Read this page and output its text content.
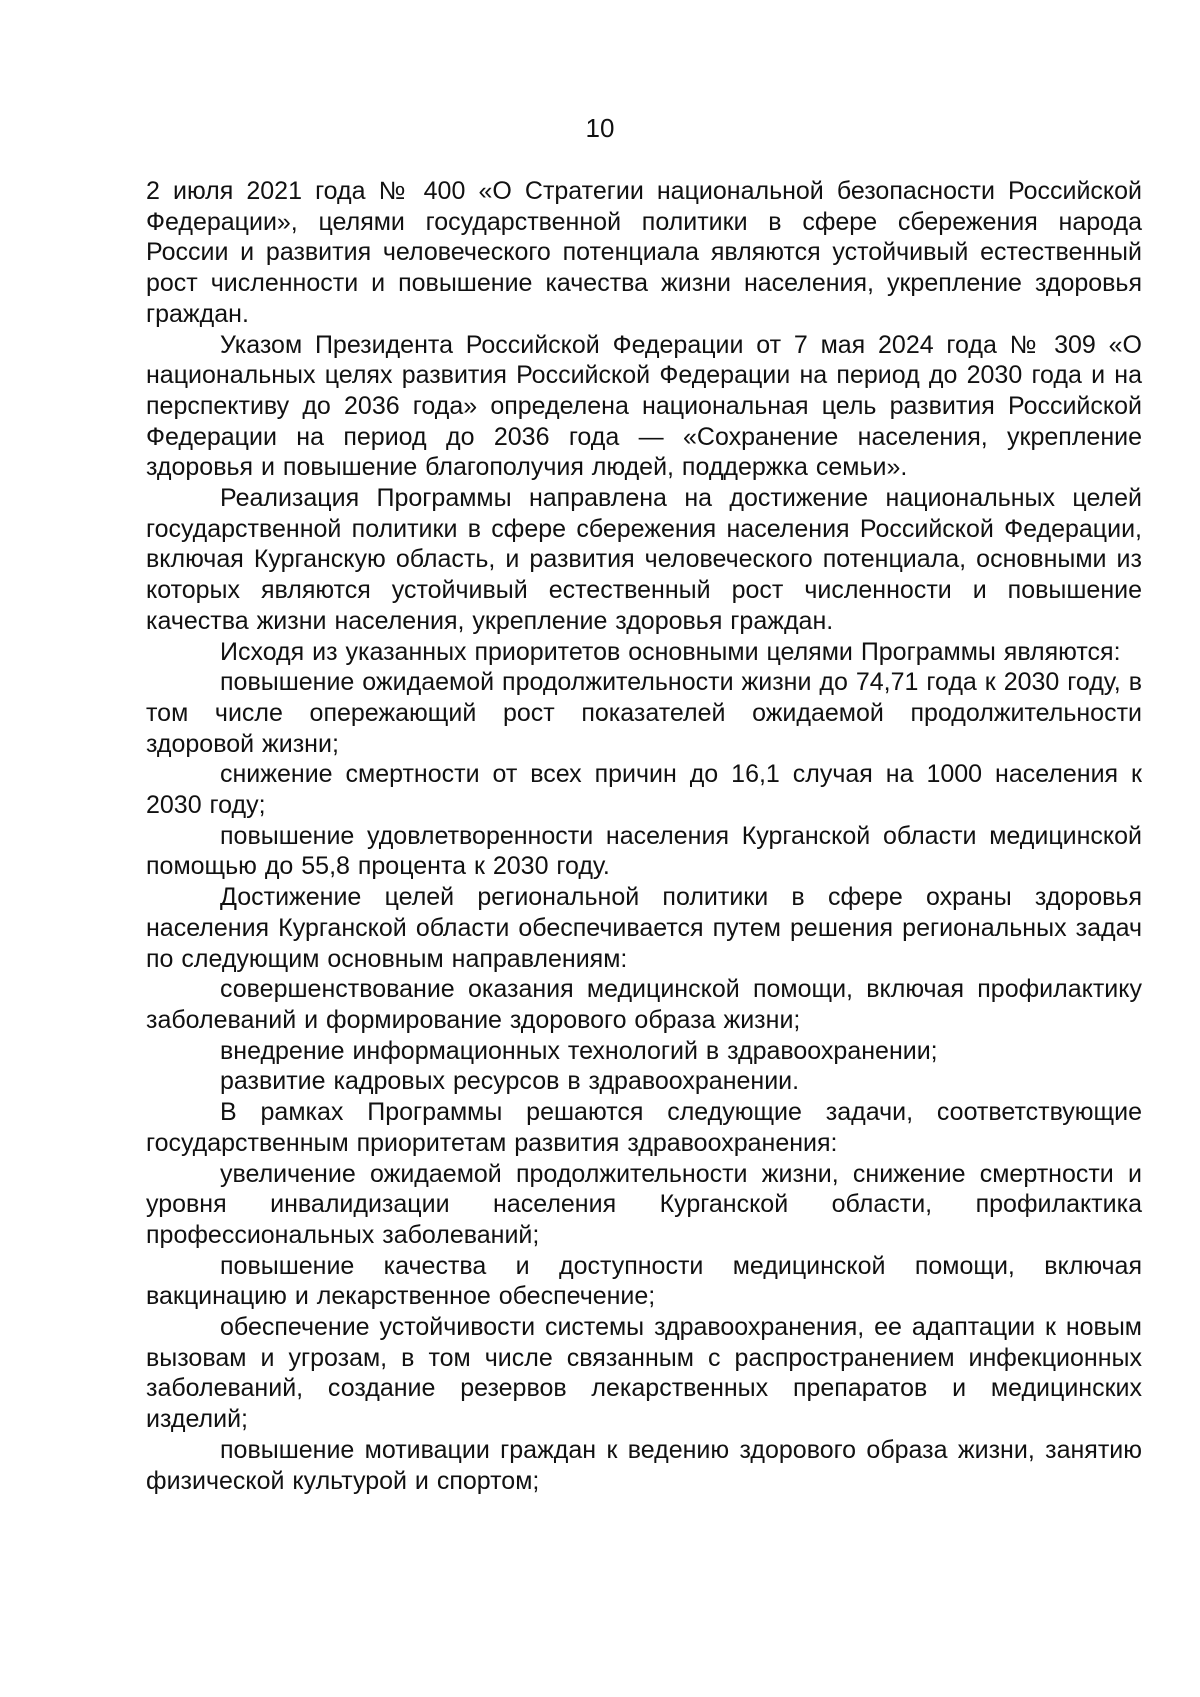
10

2 июля 2021 года № 400 «О Стратегии национальной безопасности Российской Федерации», целями государственной политики в сфере сбережения народа России и развития человеческого потенциала являются устойчивый естественный рост численности и повышение качества жизни населения, укрепление здоровья граждан.

Указом Президента Российской Федерации от 7 мая 2024 года № 309 «О национальных целях развития Российской Федерации на период до 2030 года и на перспективу до 2036 года» определена национальная цель развития Российской Федерации на период до 2036 года — «Сохранение населения, укрепление здоровья и повышение благополучия людей, поддержка семьи».

Реализация Программы направлена на достижение национальных целей государственной политики в сфере сбережения населения Российской Федерации, включая Курганскую область, и развития человеческого потенциала, основными из которых являются устойчивый естественный рост численности и повышение качества жизни населения, укрепление здоровья граждан.

Исходя из указанных приоритетов основными целями Программы являются:

повышение ожидаемой продолжительности жизни до 74,71 года к 2030 году, в том числе опережающий рост показателей ожидаемой продолжительности здоровой жизни;

снижение смертности от всех причин до 16,1 случая на 1000 населения к 2030 году;

повышение удовлетворенности населения Курганской области медицинской помощью до 55,8 процента к 2030 году.

Достижение целей региональной политики в сфере охраны здоровья населения Курганской области обеспечивается путем решения региональных задач по следующим основным направлениям:

совершенствование оказания медицинской помощи, включая профилактику заболеваний и формирование здорового образа жизни;

внедрение информационных технологий в здравоохранении;

развитие кадровых ресурсов в здравоохранении.

В рамках Программы решаются следующие задачи, соответствующие государственным приоритетам развития здравоохранения:

увеличение ожидаемой продолжительности жизни, снижение смертности и уровня инвалидизации населения Курганской области, профилактика профессиональных заболеваний;

повышение качества и доступности медицинской помощи, включая вакцинацию и лекарственное обеспечение;

обеспечение устойчивости системы здравоохранения, ее адаптации к новым вызовам и угрозам, в том числе связанным с распространением инфекционных заболеваний, создание резервов лекарственных препаратов и медицинских изделий;

повышение мотивации граждан к ведению здорового образа жизни, занятию физической культурой и спортом;
